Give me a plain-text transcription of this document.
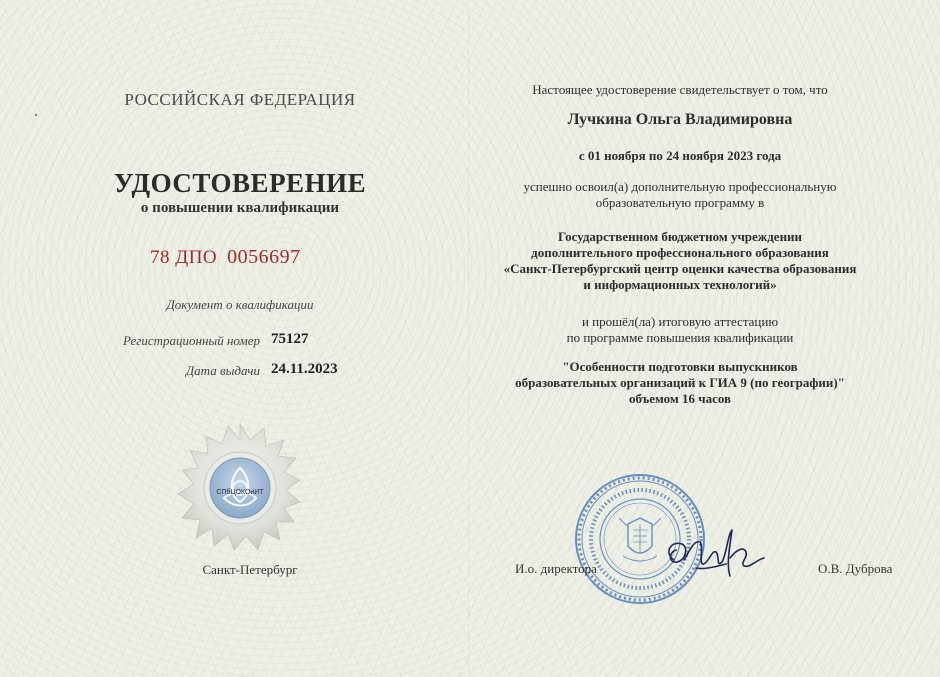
РОССИЙСКАЯ ФЕДЕРАЦИЯ
УДОСТОВЕРЕНИЕ
о повышении квалификации
78 ДПО 0056697
Документ о квалификации
Регистрационный номер 75127
Дата выдачи 24.11.2023
СПбЦОКОиИТ
Санкт-Петербург
Настоящее удостоверение свидетельствует о том, что
Лучкина Ольга Владимировна
с 01 ноября по 24 ноября 2023 года
успешно освоил(а) дополнительную профессиональную
образовательную программу в
Государственном бюджетном учреждении
дополнительного профессионального образования
«Санкт-Петербургский центр оценки качества образования
и информационных технологий»
и прошёл(ла) итоговую аттестацию
по программе повышения квалификации
"Особенности подготовки выпускников
образовательных организаций к ГИА 9 (по географии)"
объемом 16 часов
И.о. директора	О.В. Дуброва
